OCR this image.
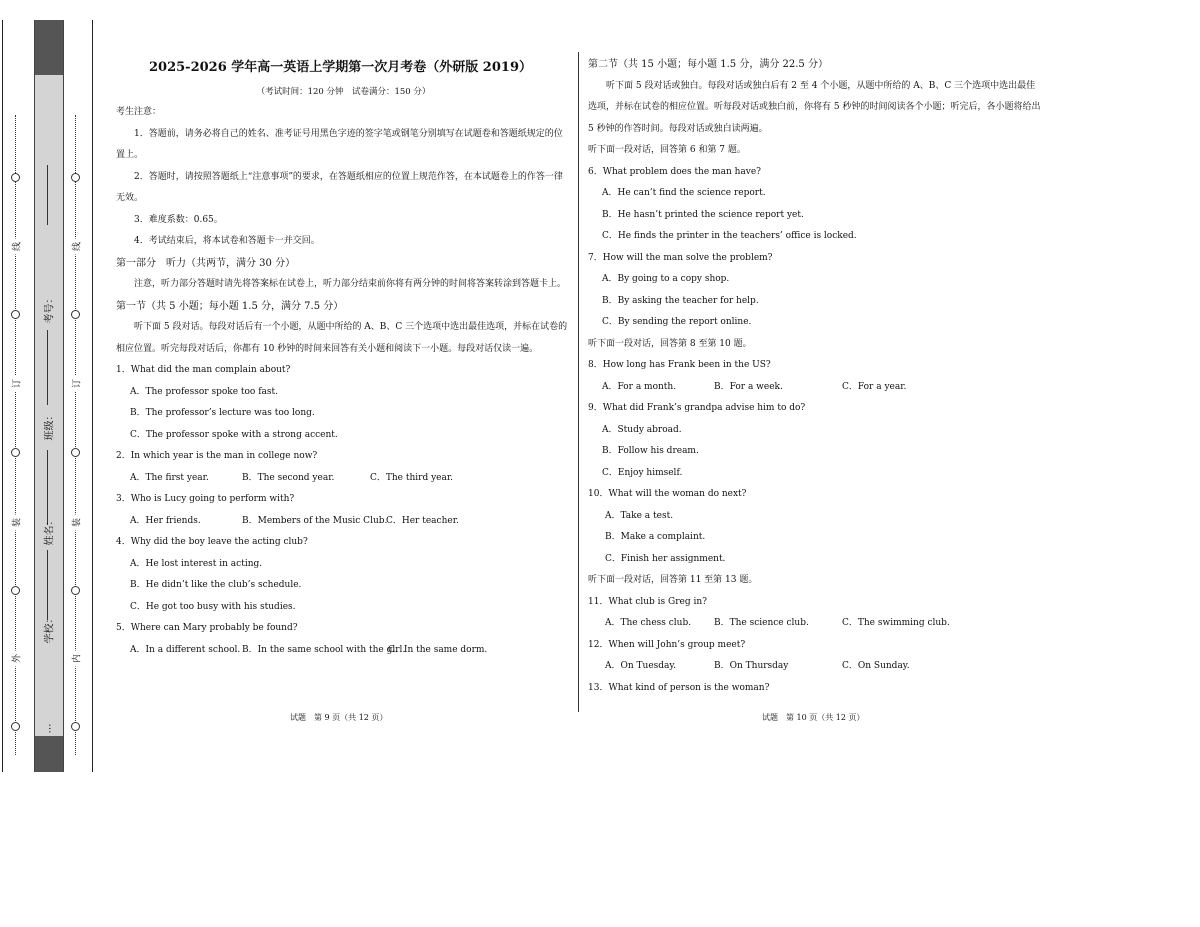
线
订
装
外
考号：
班级：
姓名：
学校：
…
线
订
装
内
2025-2026 学年高一英语上学期第一次月考卷（外研版 2019）
（考试时间：120 分钟　试卷满分：150 分）

考生注意：

1．答题前，请务必将自己的姓名、准考证号用黑色字迹的签字笔或钢笔分别填写在试题卷和答题纸规定的位置上。

2．答题时，请按照答题纸上“注意事项”的要求，在答题纸相应的位置上规范作答，在本试题卷上的作答一律无效。

3．难度系数：0.65。

4．考试结束后，将本试卷和答题卡一并交回。

第一部分　听力（共两节，满分 30 分）

注意，听力部分答题时请先将答案标在试卷上，听力部分结束前你将有两分钟的时间将答案转涂到答题卡上。

第一节（共 5 小题；每小题 1.5 分，满分 7.5 分）

听下面 5 段对话。每段对话后有一个小题，从题中所给的 A、B、C 三个选项中选出最佳选项，并标在试卷的相应位置。听完每段对话后，你都有 10 秒钟的时间来回答有关小题和阅读下一小题。每段对话仅读一遍。

1．What did the man complain about?

A．The professor spoke too fast.

B．The professor’s lecture was too long.

C．The professor spoke with a strong accent.

2．In which year is the man in college now?

A．The first year.	B．The second year.	C．The third year.

3．Who is Lucy going to perform with?

A．Her friends.	B．Members of the Music Club.
C．Her teacher.

4．Why did the boy leave the acting club?

A．He lost interest in acting.

B．He didn’t like the club’s schedule.

C．He got too busy with his studies.

5．Where can Mary probably be found?

A．In a different school. B．In the same school with the girl.
C．In the same dorm.

第二节（共 15 小题；每小题 1.5 分，满分 22.5 分）

听下面 5 段对话或独白。每段对话或独白后有 2 至 4 个小题，从题中所给的 A、B、C 三个选项中选出最佳选项，并标在试卷的相应位置。听每段对话或独白前，你将有 5 秒钟的时间阅读各个小题；听完后，各小题将给出 5 秒钟的作答时间。每段对话或独白读两遍。

听下面一段对话，回答第 6 和第 7 题。

6．What problem does the man have?

A．He can’t find the science report.

B．He hasn’t printed the science report yet.

C．He finds the printer in the teachers’ office is locked.

7．How will the man solve the problem?

A．By going to a copy shop.

B．By asking the teacher for help.

C．By sending the report online.

听下面一段对话，回答第 8 至第 10 题。

8．How long has Frank been in the US?

A．For a month.	B．For a week.	C．For a year.

9．What did Frank’s grandpa advise him to do?

A．Study abroad.

B．Follow his dream.

C．Enjoy himself.

10．What will the woman do next?

A．Take a test.

B．Make a complaint.

C．Finish her assignment.

听下面一段对话，回答第 11 至第 13 题。

11．What club is Greg in?

A．The chess club.	B．The science club.	C．The swimming club.

12．When will John’s group meet?

A．On Tuesday.	B．On Thursday	C．On Sunday.

13．What kind of person is the woman?

试题　第 9 页（共 12 页）	试题　第 10 页（共 12 页）
